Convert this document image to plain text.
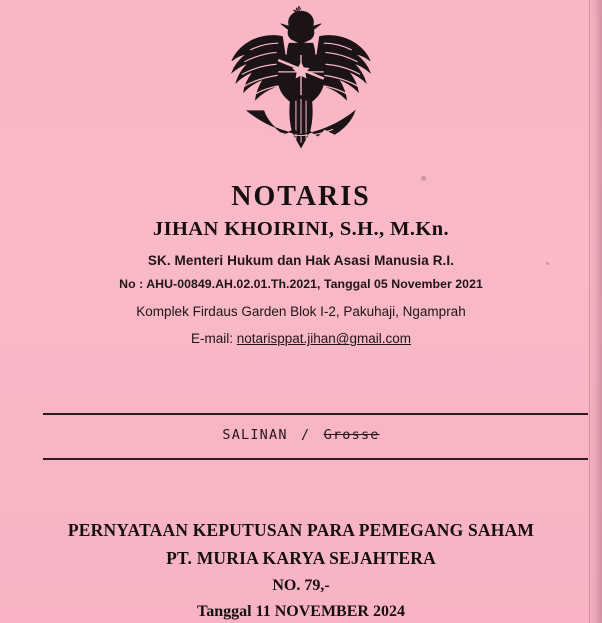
NOTARIS
JIHAN KHOIRINI, S.H., M.Kn.
SK. Menteri Hukum dan Hak Asasi Manusia R.I.
No : AHU-00849.AH.02.01.Th.2021, Tanggal 05 November 2021
Komplek Firdaus Garden Blok I-2, Pakuhaji, Ngamprah
E-mail: notarisppat.jihan@gmail.com
SALINAN / Grosse
PERNYATAAN KEPUTUSAN PARA PEMEGANG SAHAM
PT. MURIA KARYA SEJAHTERA
NO. 79,-
Tanggal 11 NOVEMBER 2024
